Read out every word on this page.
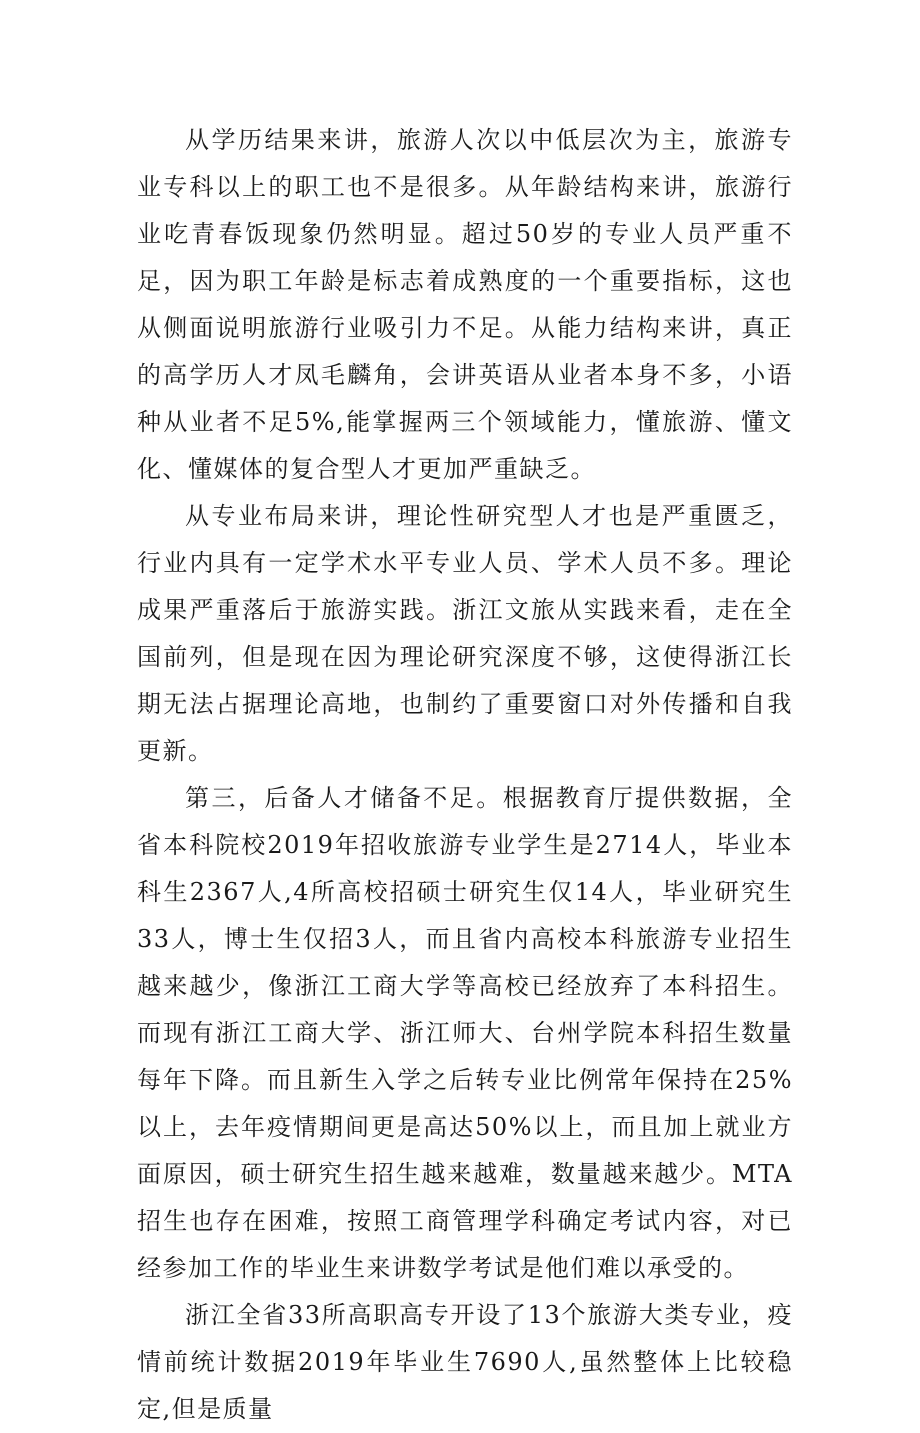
从学历结果来讲，旅游人次以中低层次为主，旅游专业专科以上的职工也不是很多。从年龄结构来讲，旅游行业吃青春饭现象仍然明显。超过50岁的专业人员严重不足，因为职工年龄是标志着成熟度的一个重要指标，这也从侧面说明旅游行业吸引力不足。从能力结构来讲，真正的高学历人才凤毛麟角，会讲英语从业者本身不多，小语种从业者不足5%,能掌握两三个领域能力，懂旅游、懂文化、懂媒体的复合型人才更加严重缺乏。

从专业布局来讲，理论性研究型人才也是严重匮乏，行业内具有一定学术水平专业人员、学术人员不多。理论成果严重落后于旅游实践。浙江文旅从实践来看，走在全国前列，但是现在因为理论研究深度不够，这使得浙江长期无法占据理论高地，也制约了重要窗口对外传播和自我更新。

第三，后备人才储备不足。根据教育厅提供数据，全省本科院校2019年招收旅游专业学生是2714人，毕业本科生2367人,4所高校招硕士研究生仅14人，毕业研究生33人，博士生仅招3人，而且省内高校本科旅游专业招生越来越少，像浙江工商大学等高校已经放弃了本科招生。而现有浙江工商大学、浙江师大、台州学院本科招生数量每年下降。而且新生入学之后转专业比例常年保持在25%以上，去年疫情期间更是高达50%以上，而且加上就业方面原因，硕士研究生招生越来越难，数量越来越少。MTA招生也存在困难，按照工商管理学科确定考试内容，对已经参加工作的毕业生来讲数学考试是他们难以承受的。

浙江全省33所高职高专开设了13个旅游大类专业，疫情前统计数据2019年毕业生7690人,虽然整体上比较稳定,但是质量
